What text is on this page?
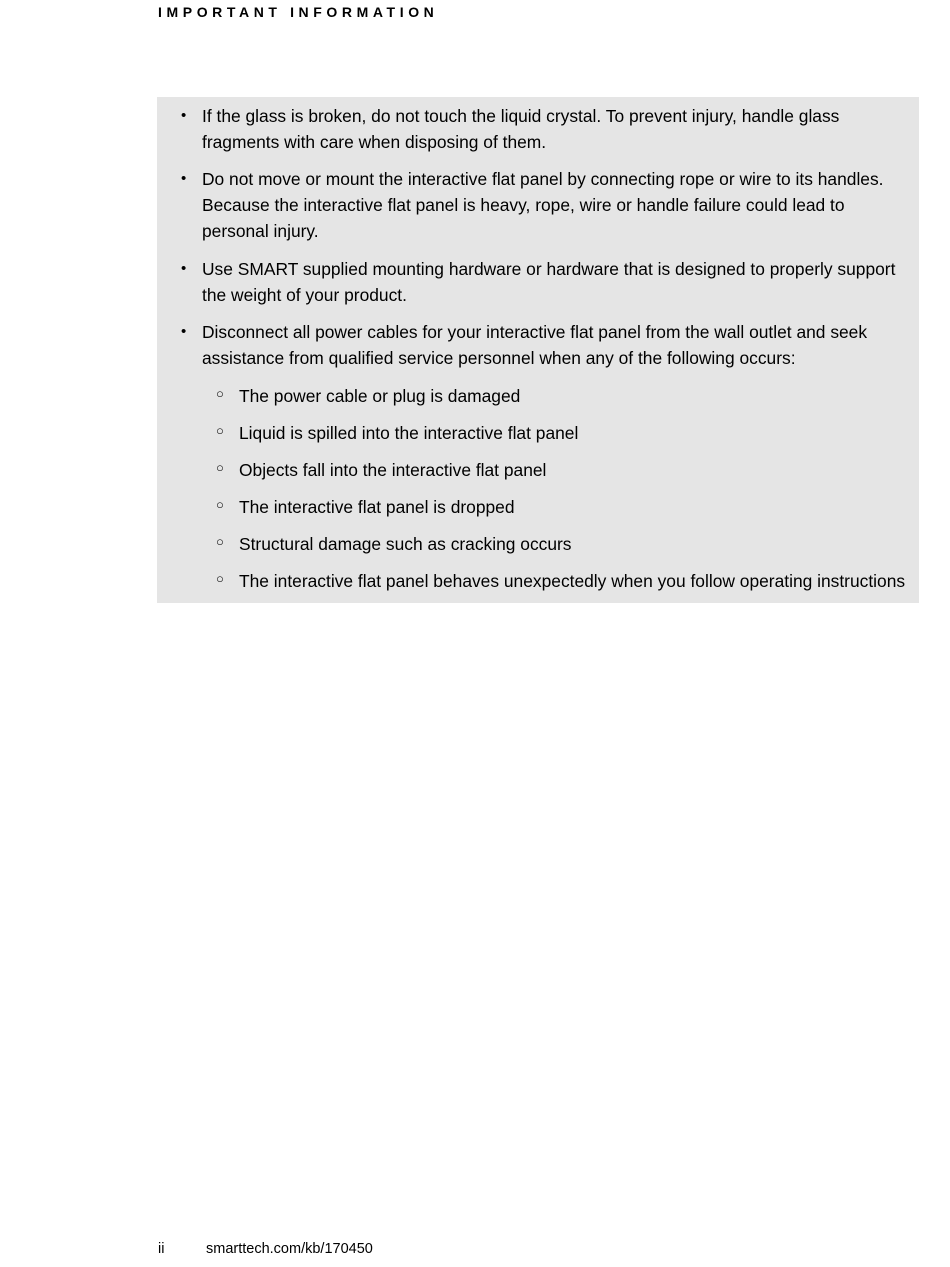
IMPORTANT INFORMATION
• If the glass is broken, do not touch the liquid crystal. To prevent injury, handle glass fragments with care when disposing of them.
• Do not move or mount the interactive flat panel by connecting rope or wire to its handles. Because the interactive flat panel is heavy, rope, wire or handle failure could lead to personal injury.
• Use SMART supplied mounting hardware or hardware that is designed to properly support the weight of your product.
• Disconnect all power cables for your interactive flat panel from the wall outlet and seek assistance from qualified service personnel when any of the following occurs:
○ The power cable or plug is damaged
○ Liquid is spilled into the interactive flat panel
○ Objects fall into the interactive flat panel
○ The interactive flat panel is dropped
○ Structural damage such as cracking occurs
○ The interactive flat panel behaves unexpectedly when you follow operating instructions
ii	smarttech.com/kb/170450
